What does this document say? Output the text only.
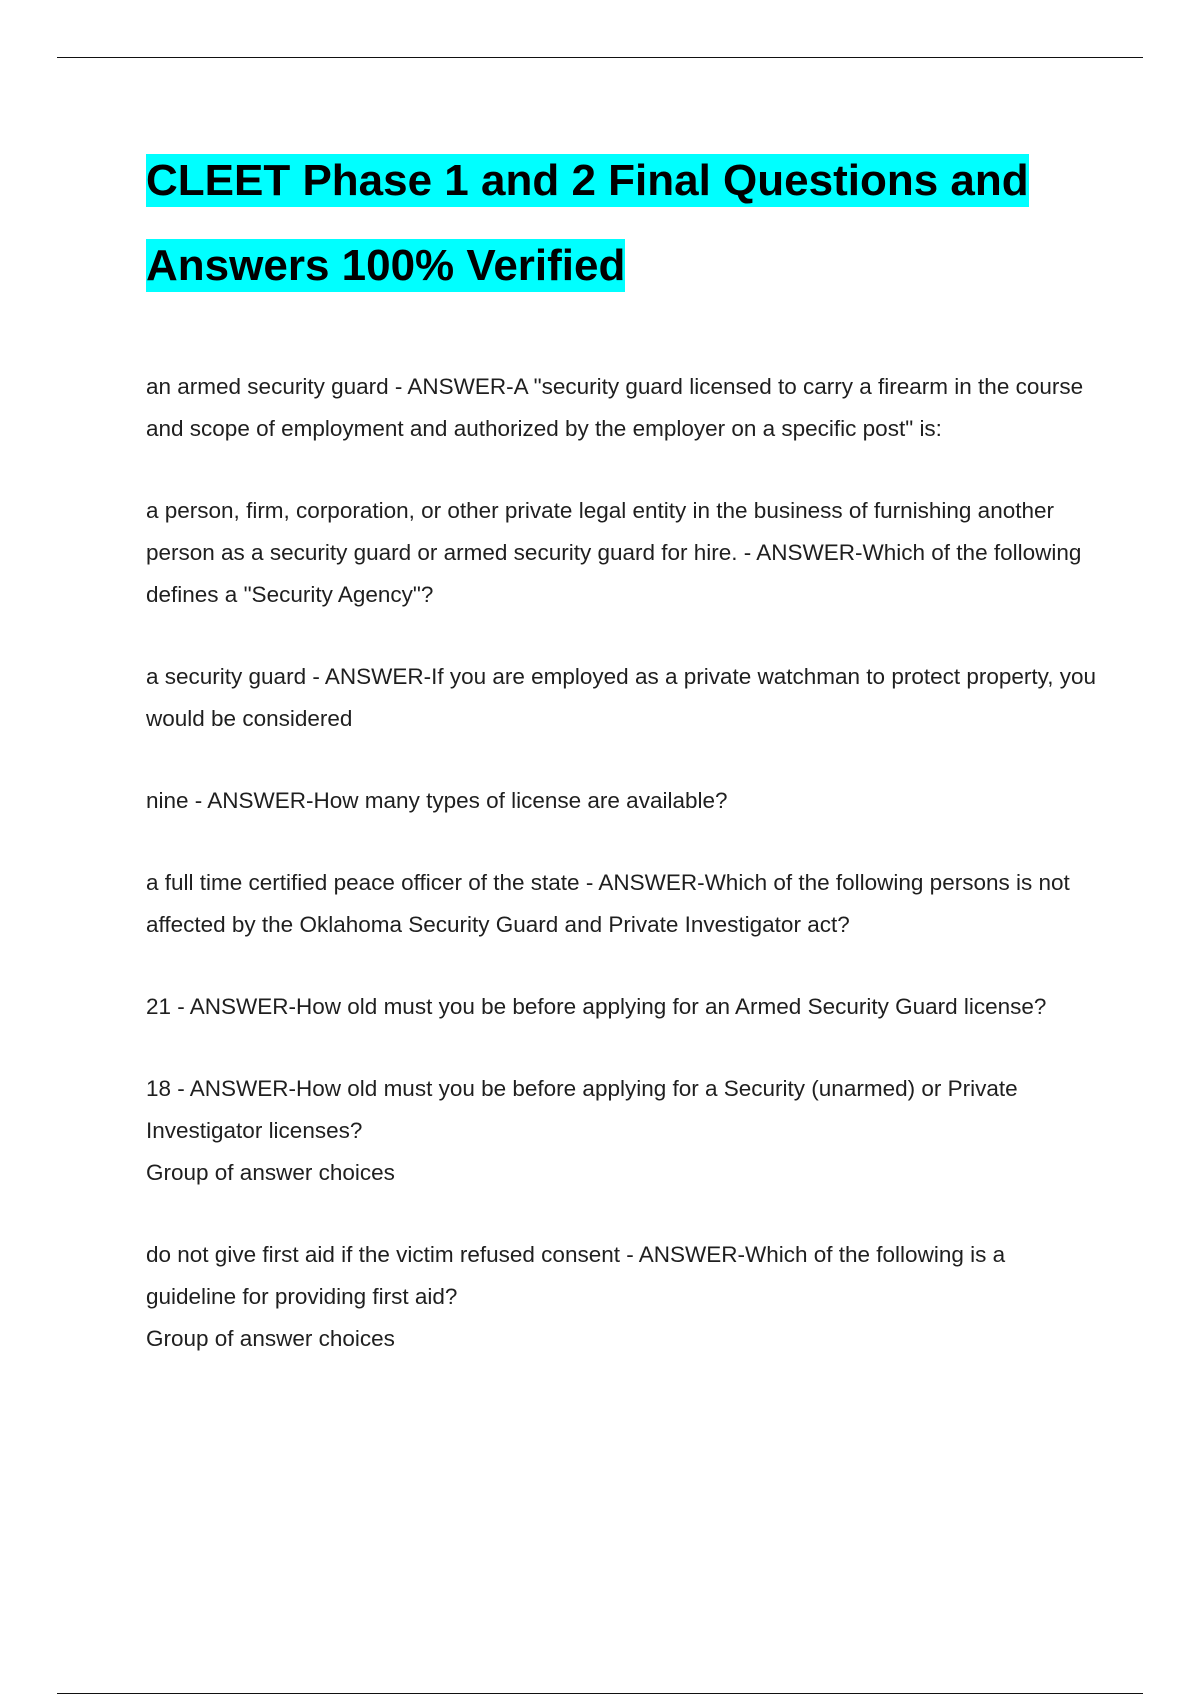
CLEET Phase 1 and 2 Final Questions and Answers 100% Verified
an armed security guard - ANSWER-A "security guard licensed to carry a firearm in the course and scope of employment and authorized by the employer on a specific post" is:
a person, firm, corporation, or other private legal entity in the business of furnishing another person as a security guard or armed security guard for hire. - ANSWER-Which of the following defines a "Security Agency"?
a security guard - ANSWER-If you are employed as a private watchman to protect property, you would be considered
nine - ANSWER-How many types of license are available?
a full time certified peace officer of the state - ANSWER-Which of the following persons is not affected by the Oklahoma Security Guard and Private Investigator act?
21 - ANSWER-How old must you be before applying for an Armed Security Guard license?
18 - ANSWER-How old must you be before applying for a Security (unarmed) or Private Investigator licenses?
Group of answer choices
do not give first aid if the victim refused consent - ANSWER-Which of the following is a guideline for providing first aid?
Group of answer choices
